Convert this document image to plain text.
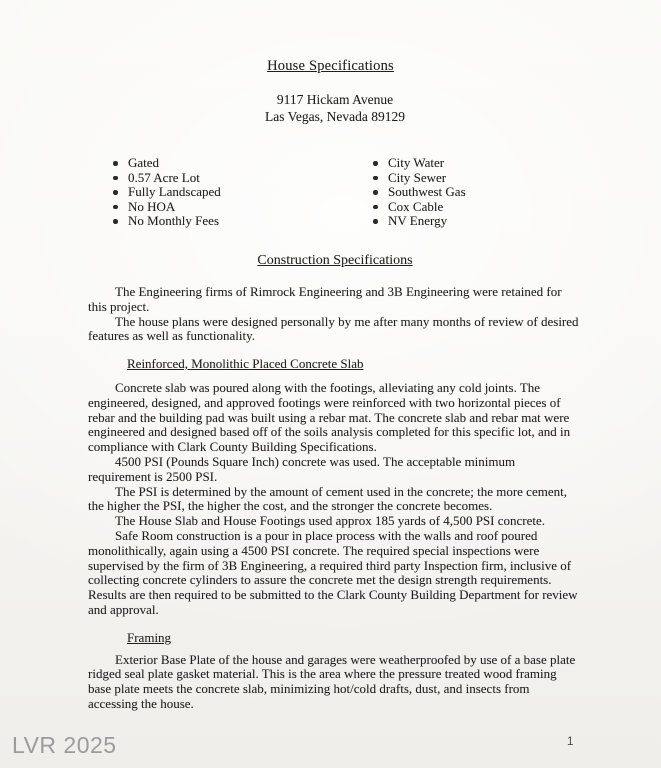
House Specifications
9117 Hickam Avenue
Las Vegas, Nevada 89129
Gated
0.57 Acre Lot
Fully Landscaped
No HOA
No Monthly Fees
City Water
City Sewer
Southwest Gas
Cox Cable
NV Energy
Construction Specifications

The Engineering firms of Rimrock Engineering and 3B Engineering were retained for this project.

The house plans were designed personally by me after many months of review of desired features as well as functionality.

Reinforced, Monolithic Placed Concrete Slab

Concrete slab was poured along with the footings, alleviating any cold joints. The engineered, designed, and approved footings were reinforced with two horizontal pieces of rebar and the building pad was built using a rebar mat. The concrete slab and rebar mat were engineered and designed based off of the soils analysis completed for this specific lot, and in compliance with Clark County Building Specifications.

4500 PSI (Pounds Square Inch) concrete was used. The acceptable minimum requirement is 2500 PSI.

The PSI is determined by the amount of cement used in the concrete; the more cement, the higher the PSI, the higher the cost, and the stronger the concrete becomes.

The House Slab and House Footings used approx 185 yards of 4,500 PSI concrete.

Safe Room construction is a pour in place process with the walls and roof poured monolithically, again using a 4500 PSI concrete. The required special inspections were supervised by the firm of 3B Engineering, a required third party Inspection firm, inclusive of collecting concrete cylinders to assure the concrete met the design strength requirements. Results are then required to be submitted to the Clark County Building Department for review and approval.

Framing

Exterior Base Plate of the house and garages were weatherproofed by use of a base plate ridged seal plate gasket material. This is the area where the pressure treated wood framing base plate meets the concrete slab, minimizing hot/cold drafts, dust, and insects from accessing the house.

LVR 2025	1
